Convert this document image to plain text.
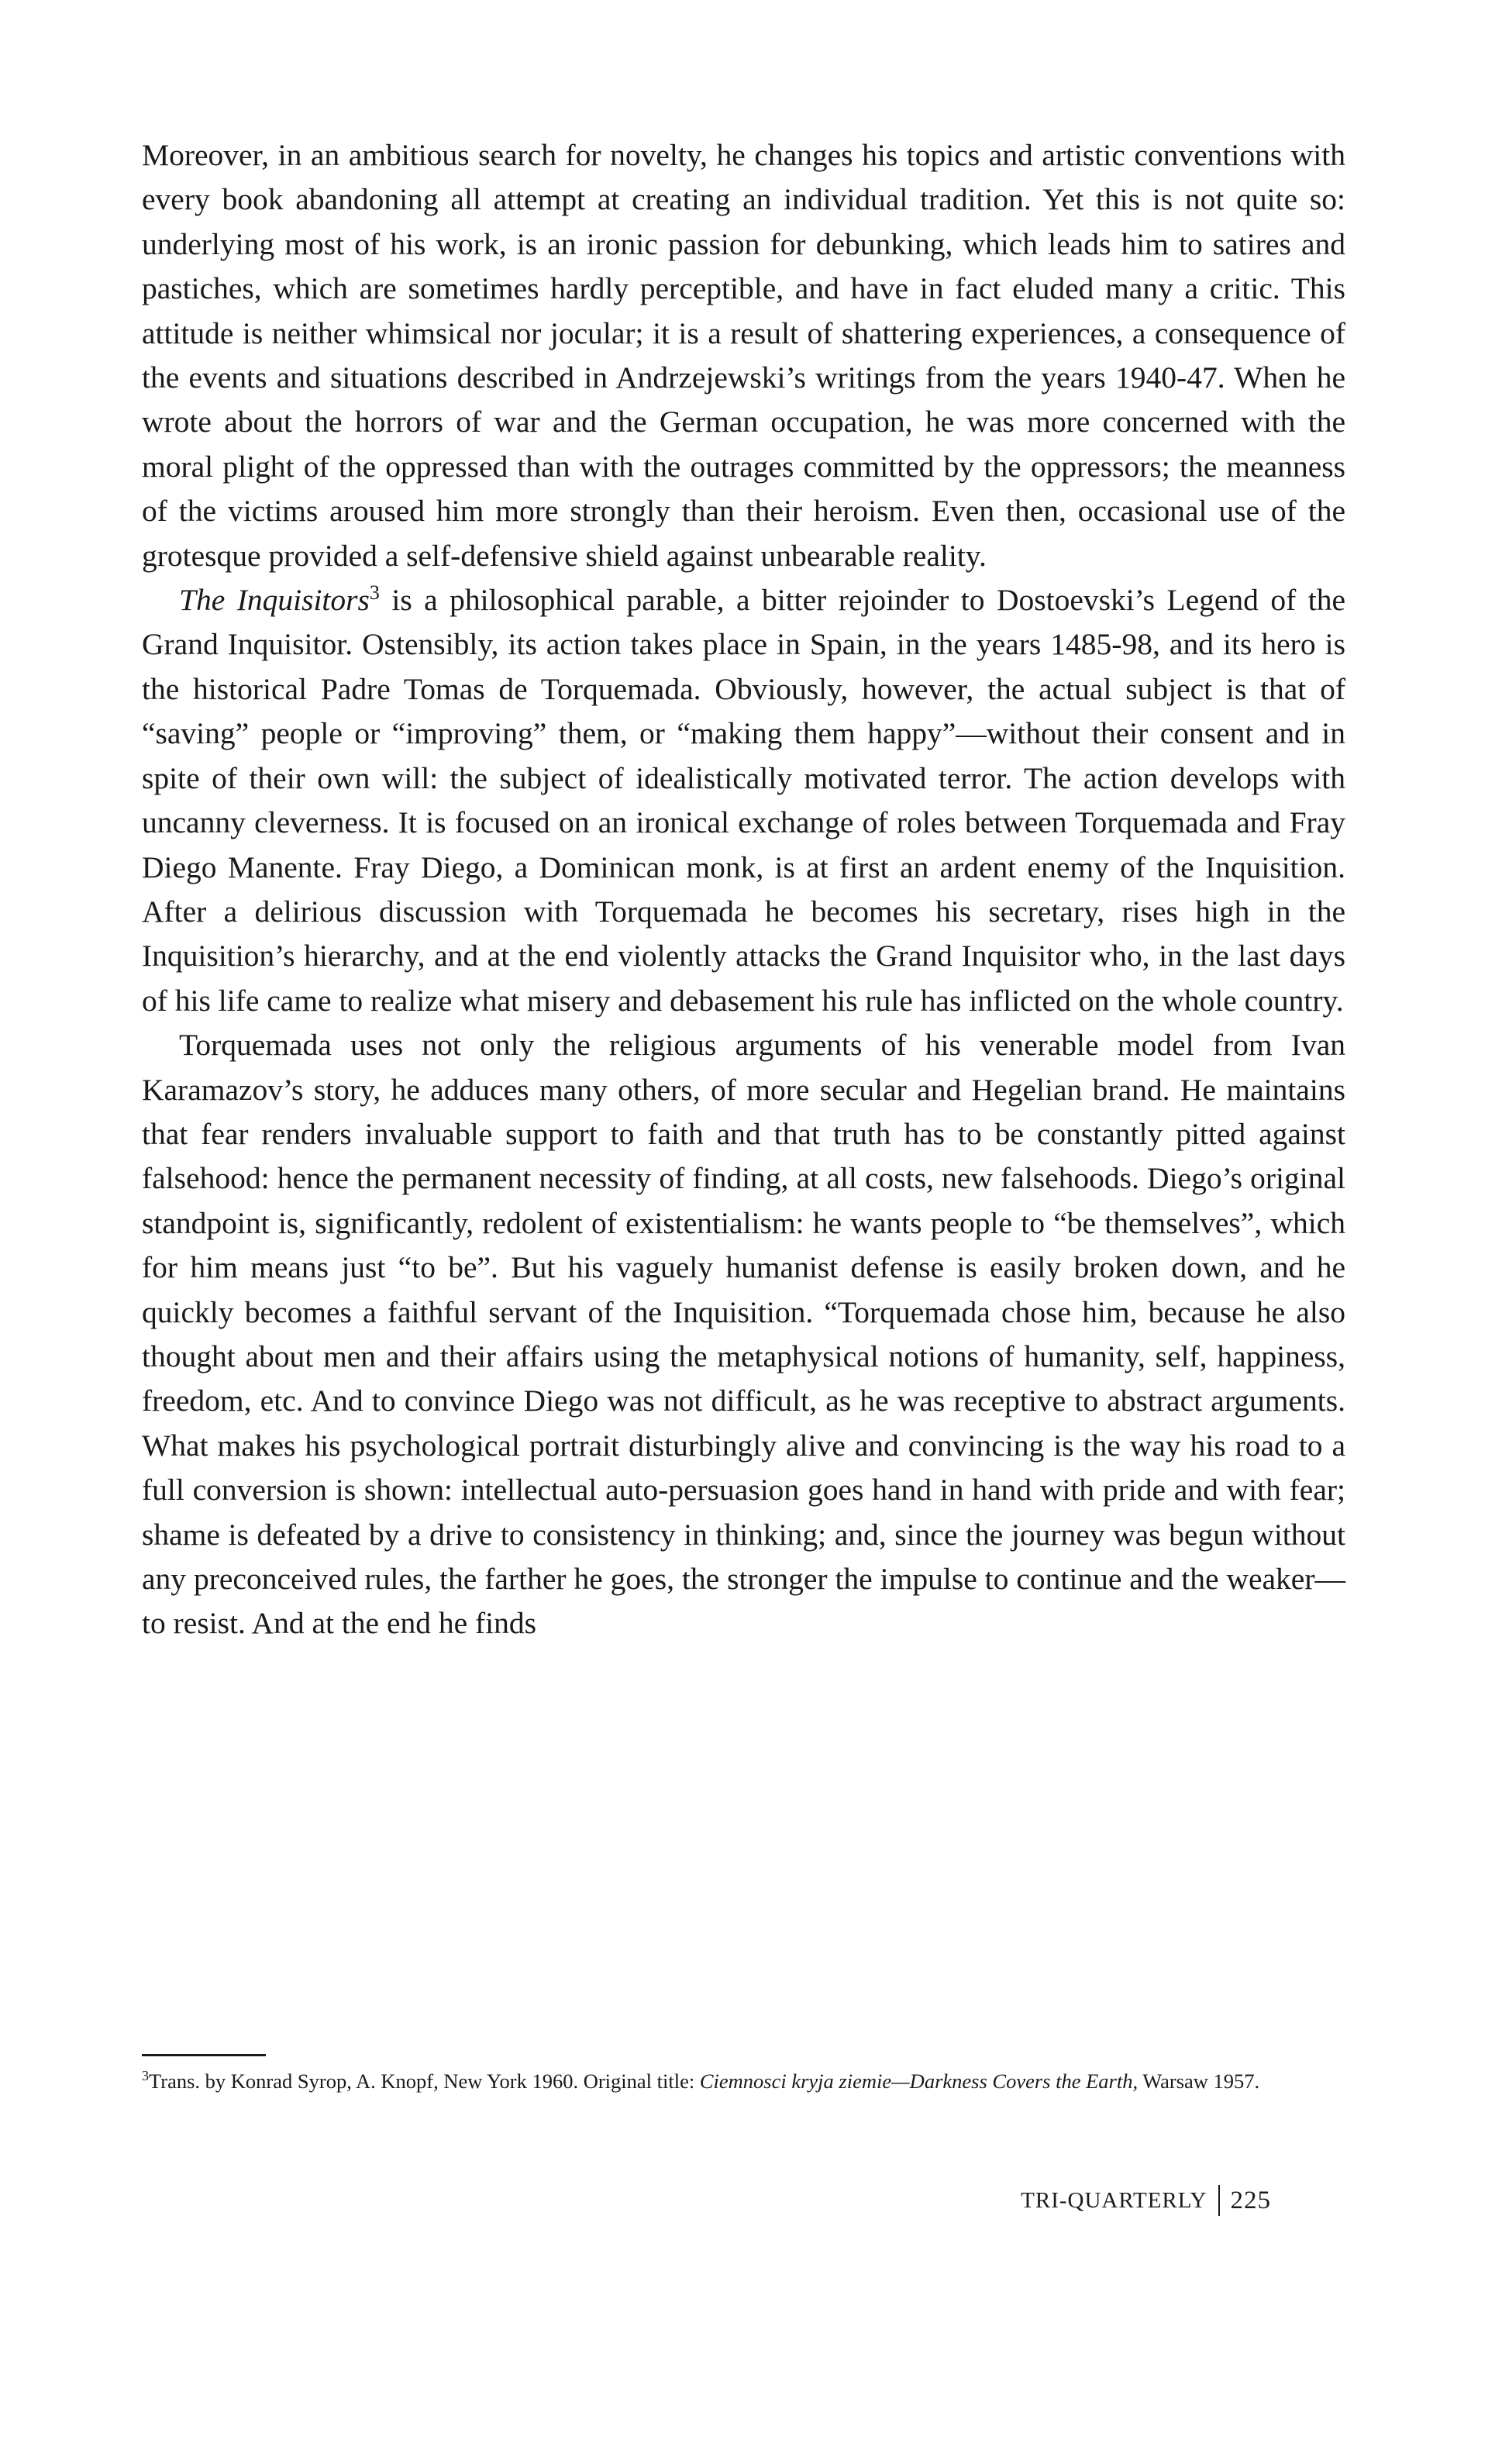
Moreover, in an ambitious search for novelty, he changes his topics and artistic conventions with every book abandoning all attempt at creating an individual tradition. Yet this is not quite so: underlying most of his work, is an ironic passion for debunking, which leads him to satires and pastiches, which are sometimes hardly perceptible, and have in fact eluded many a critic. This attitude is neither whimsical nor jocular; it is a result of shattering experiences, a consequence of the events and situations described in Andrzejewski’s writings from the years 1940-47. When he wrote about the horrors of war and the German occupation, he was more concerned with the moral plight of the oppressed than with the outrages committed by the oppressors; the meanness of the victims aroused him more strongly than their heroism. Even then, occasional use of the grotesque provided a self-defensive shield against unbearable reality.

The Inquisitors$^3$ is a philosophical parable, a bitter rejoinder to Dostoevski’s Legend of the Grand Inquisitor. Ostensibly, its action takes place in Spain, in the years 1485-98, and its hero is the historical Padre Tomas de Torquemada. Obviously, however, the actual subject is that of “saving” people or “improving” them, or “making them happy”—without their consent and in spite of their own will: the subject of idealistically motivated terror. The action develops with uncanny cleverness. It is focused on an ironical exchange of roles between Torquemada and Fray Diego Manente. Fray Diego, a Dominican monk, is at first an ardent enemy of the Inquisition. After a delirious discussion with Torquemada he becomes his secretary, rises high in the Inquisition’s hierarchy, and at the end violently attacks the Grand Inquisitor who, in the last days of his life came to realize what misery and debasement his rule has inflicted on the whole country.

Torquemada uses not only the religious arguments of his venerable model from Ivan Karamazov’s story, he adduces many others, of more secular and Hegelian brand. He maintains that fear renders invaluable support to faith and that truth has to be constantly pitted against falsehood: hence the permanent necessity of finding, at all costs, new falsehoods. Diego’s original standpoint is, significantly, redolent of existentialism: he wants people to “be themselves”, which for him means just “to be”. But his vaguely humanist defense is easily broken down, and he quickly becomes a faithful servant of the Inquisition. “Torquemada chose him, because he also thought about men and their affairs using the metaphysical notions of humanity, self, happiness, freedom, etc. And to convince Diego was not difficult, as he was receptive to abstract arguments. What makes his psychological portrait disturbingly alive and convincing is the way his road to a full conversion is shown: intellectual auto-persuasion goes hand in hand with pride and with fear; shame is defeated by a drive to consistency in thinking; and, since the journey was begun without any preconceived rules, the farther he goes, the stronger the impulse to continue and the weaker—to resist. And at the end he finds

$^3$Trans. by Konrad Syrop, A. Knopf, New York 1960. Original title: Ciemnosci kryja ziemie—Darkness Covers the Earth, Warsaw 1957.
TRI-QUARTERLY 225
